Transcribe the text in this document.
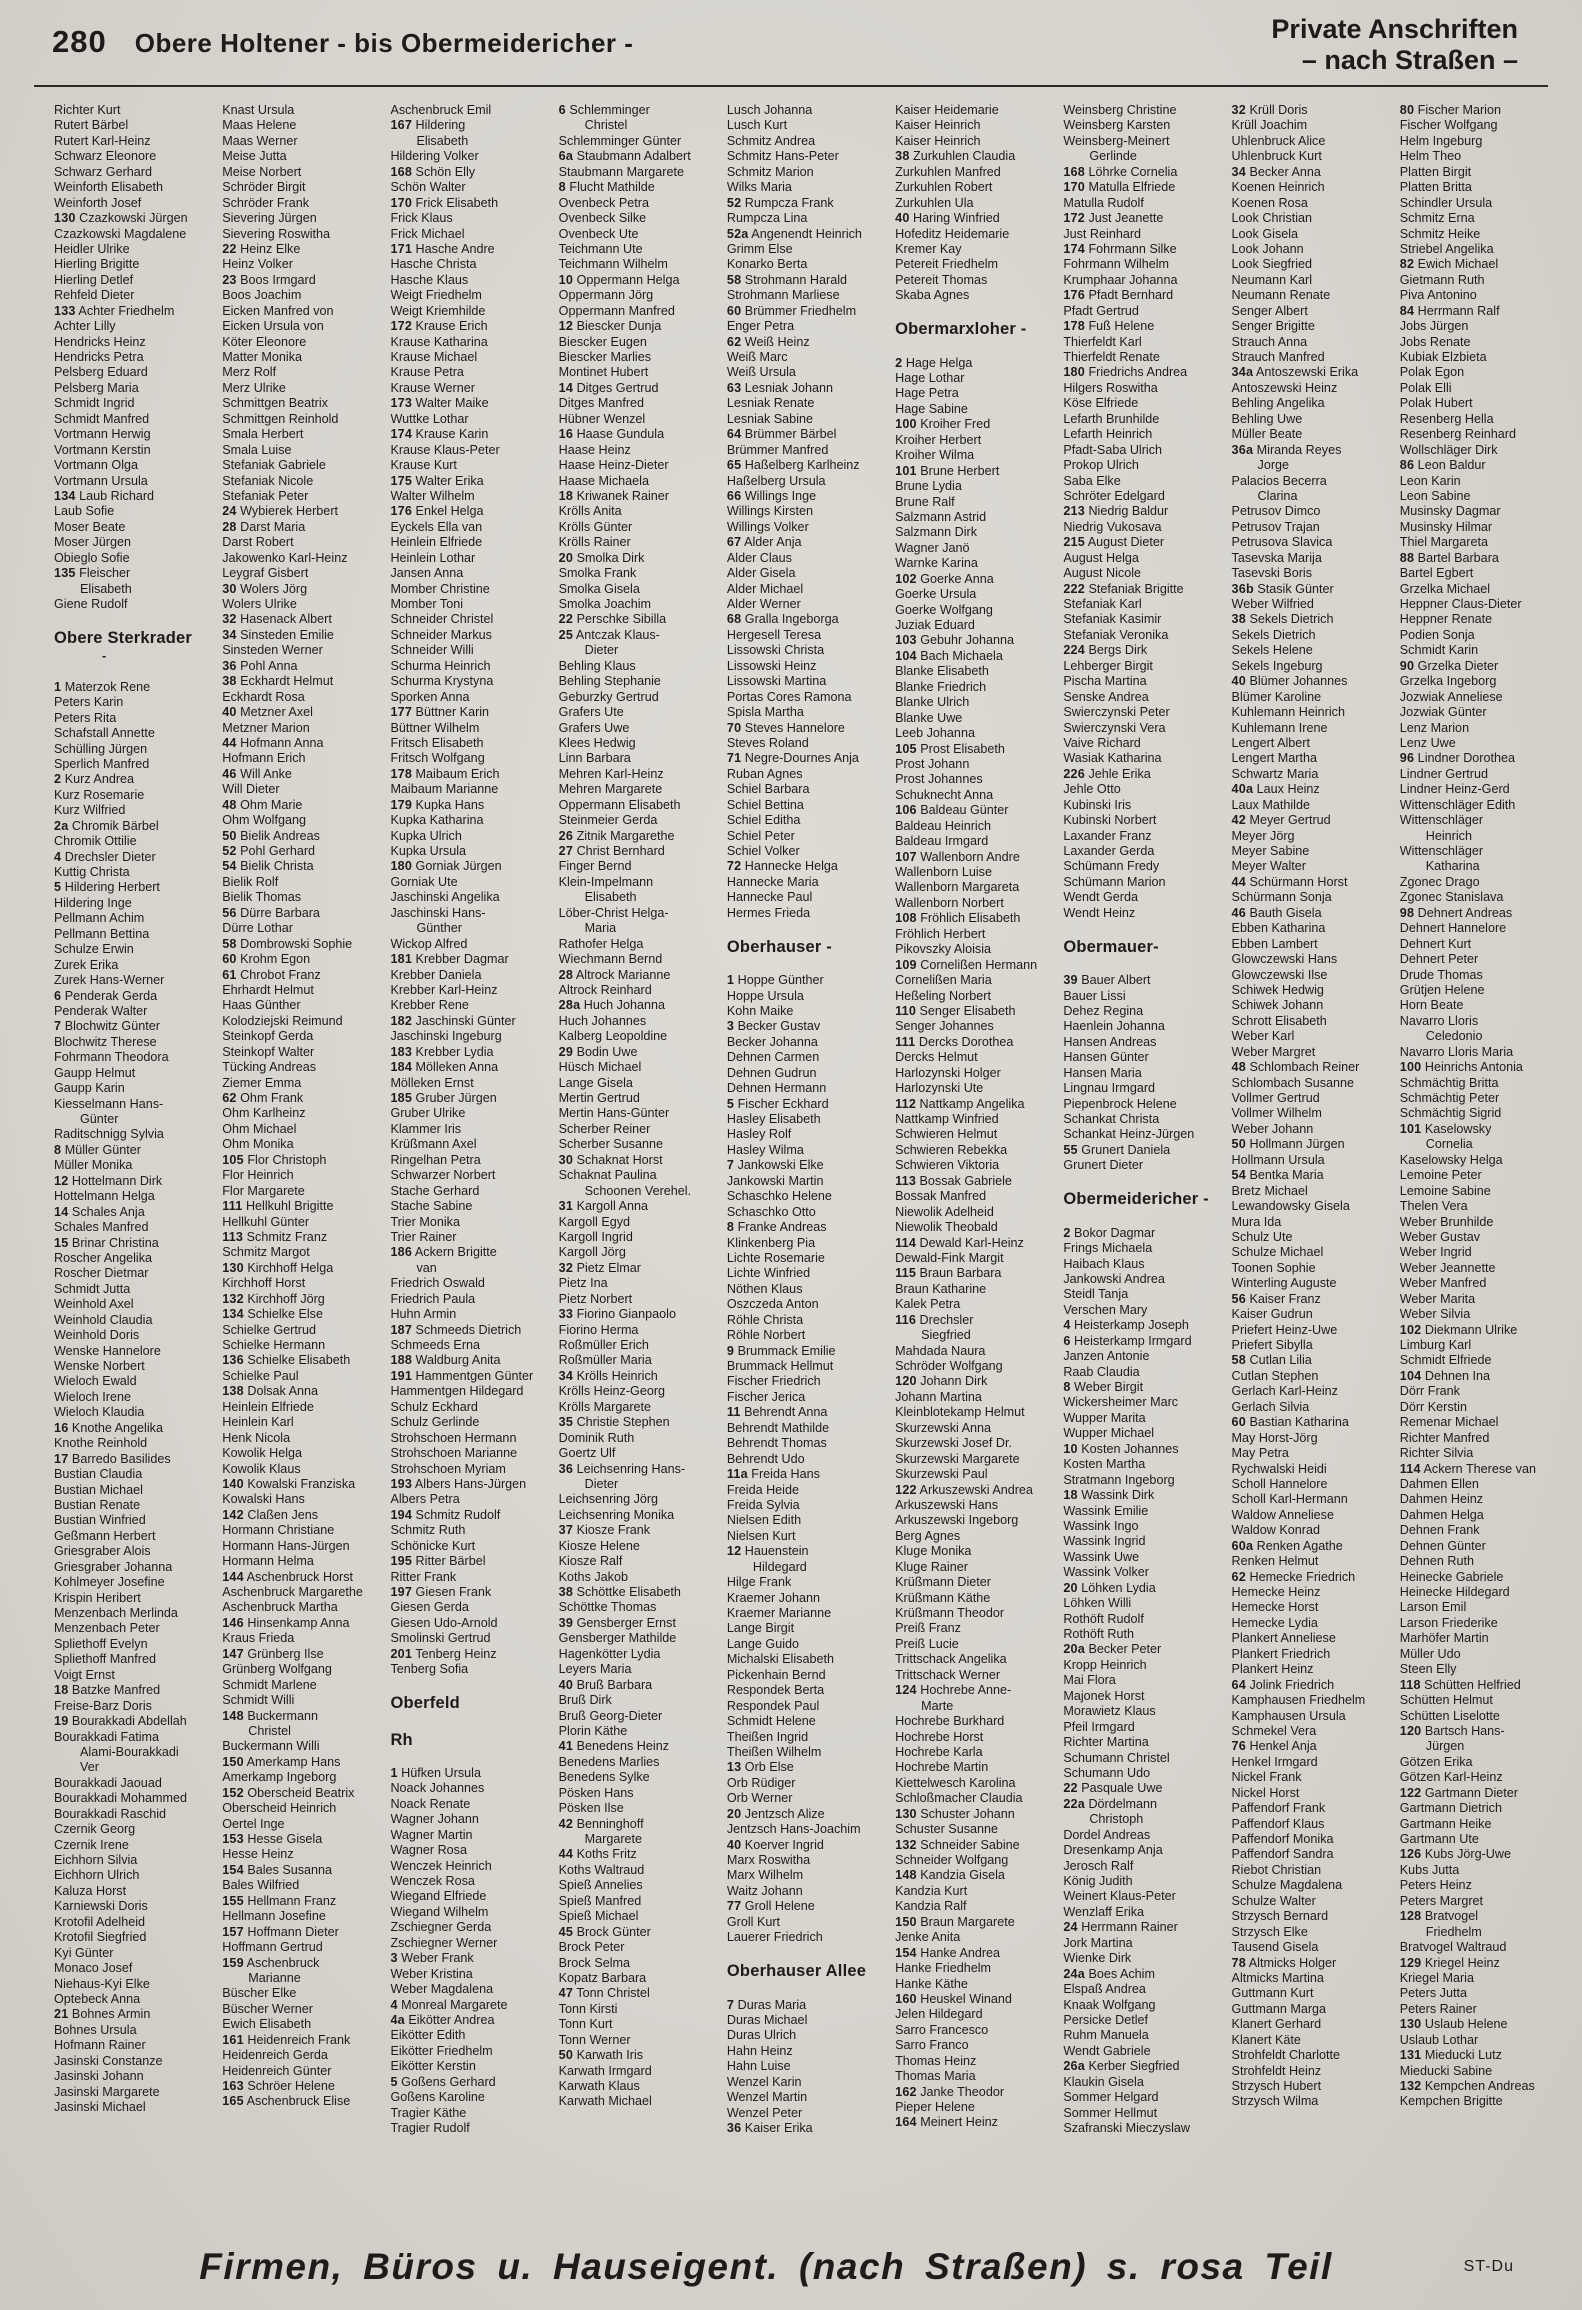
280 Obere Holtener - bis Obermeidericher -	Private Anschriften
– nach Straßen –
Richter Kurt
Rutert Bärbel
Rutert Karl-Heinz
Schwarz Eleonore
Schwarz Gerhard
Weinforth Elisabeth
Weinforth Josef
130 Czazkowski Jürgen
Czazkowski Magdalene
Heidler Ulrike
Hierling Brigitte
Hierling Detlef
Rehfeld Dieter
133 Achter Friedhelm
Achter Lilly
Hendricks Heinz
Hendricks Petra
Pelsberg Eduard
Pelsberg Maria
Schmidt Ingrid
Schmidt Manfred
Vortmann Herwig
Vortmann Kerstin
Vortmann Olga
Vortmann Ursula
134 Laub Richard
Laub Sofie
Moser Beate
Moser Jürgen
Obieglo Sofie
135 Fleischer
Elisabeth
Giene Rudolf
Obere Sterkrader
-
1 Materzok Rene
Peters Karin
Peters Rita
Schafstall Annette
Schülling Jürgen
Sperlich Manfred
2 Kurz Andrea
Kurz Rosemarie
Kurz Wilfried
2a Chromik Bärbel
Chromik Ottilie
4 Drechsler Dieter
Kuttig Christa
5 Hildering Herbert
Hildering Inge
Pellmann Achim
Pellmann Bettina
Schulze Erwin
Zurek Erika
Zurek Hans-Werner
6 Penderak Gerda
Penderak Walter
7 Blochwitz Günter
Blochwitz Therese
Fohrmann Theodora
Gaupp Helmut
Gaupp Karin
Kiesselmann Hans-
Günter
Raditschnigg Sylvia
8 Müller Günter
Müller Monika
12 Hottelmann Dirk
Hottelmann Helga
14 Schales Anja
Schales Manfred
15 Brinar Christina
Roscher Angelika
Roscher Dietmar
Schmidt Jutta
Weinhold Axel
Weinhold Claudia
Weinhold Doris
Wenske Hannelore
Wenske Norbert
Wieloch Ewald
Wieloch Irene
Wieloch Klaudia
16 Knothe Angelika
Knothe Reinhold
17 Barredo Basilides
Bustian Claudia
Bustian Michael
Bustian Renate
Bustian Winfried
Geßmann Herbert
Griesgraber Alois
Griesgraber Johanna
Kohlmeyer Josefine
Krispin Heribert
Menzenbach Merlinda
Menzenbach Peter
Spliethoff Evelyn
Spliethoff Manfred
Voigt Ernst
18 Batzke Manfred
Freise-Barz Doris
19 Bourakkadi Abdellah
Bourakkadi Fatima
Alami-Bourakkadi
Ver
Bourakkadi Jaouad
Bourakkadi Mohammed
Bourakkadi Raschid
Czernik Georg
Czernik Irene
Eichhorn Silvia
Eichhorn Ulrich
Kaluza Horst
Karniewski Doris
Krotofil Adelheid
Krotofil Siegfried
Kyi Günter
Monaco Josef
Niehaus-Kyi Elke
Optebeck Anna
21 Bohnes Armin
Bohnes Ursula
Hofmann Rainer
Jasinski Constanze
Jasinski Johann
Jasinski Margarete
Jasinski Michael
Knast Ursula
Maas Helene
Maas Werner
Meise Jutta
Meise Norbert
Schröder Birgit
Schröder Frank
Sievering Jürgen
Sievering Roswitha
22 Heinz Elke
Heinz Volker
23 Boos Irmgard
Boos Joachim
Eicken Manfred von
Eicken Ursula von
Köter Eleonore
Matter Monika
Merz Rolf
Merz Ulrike
Schmittgen Beatrix
Schmittgen Reinhold
Smala Herbert
Smala Luise
Stefaniak Gabriele
Stefaniak Nicole
Stefaniak Peter
24 Wybierek Herbert
28 Darst Maria
Darst Robert
Jakowenko Karl-Heinz
Leygraf Gisbert
30 Wolers Jörg
Wolers Ulrike
32 Hasenack Albert
34 Sinsteden Emilie
Sinsteden Werner
36 Pohl Anna
38 Eckhardt Helmut
Eckhardt Rosa
40 Metzner Axel
Metzner Marion
44 Hofmann Anna
Hofmann Erich
46 Will Anke
Will Dieter
48 Ohm Marie
Ohm Wolfgang
50 Bielik Andreas
52 Pohl Gerhard
54 Bielik Christa
Bielik Rolf
Bielik Thomas
56 Dürre Barbara
Dürre Lothar
58 Dombrowski Sophie
60 Krohm Egon
61 Chrobot Franz
Ehrhardt Helmut
Haas Günther
Kolodziejski Reimund
Steinkopf Gerda
Steinkopf Walter
Tücking Andreas
Ziemer Emma
62 Ohm Frank
Ohm Karlheinz
Ohm Michael
Ohm Monika
105 Flor Christoph
Flor Heinrich
Flor Margarete
111 Hellkuhl Brigitte
Hellkuhl Günter
113 Schmitz Franz
Schmitz Margot
130 Kirchhoff Helga
Kirchhoff Horst
132 Kirchhoff Jörg
134 Schielke Else
Schielke Gertrud
Schielke Hermann
136 Schielke Elisabeth
Schielke Paul
138 Dolsak Anna
Heinlein Elfriede
Heinlein Karl
Henk Nicola
Kowolik Helga
Kowolik Klaus
140 Kowalski Franziska
Kowalski Hans
142 Claßen Jens
Hormann Christiane
Hormann Hans-Jürgen
Hormann Helma
144 Aschenbruck Horst
Aschenbruck Margarethe
Aschenbruck Martha
146 Hinsenkamp Anna
Kraus Frieda
147 Grünberg Ilse
Grünberg Wolfgang
Schmidt Marlene
Schmidt Willi
148 Buckermann
Christel
Buckermann Willi
150 Amerkamp Hans
Amerkamp Ingeborg
152 Oberscheid Beatrix
Oberscheid Heinrich
Oertel Inge
153 Hesse Gisela
Hesse Heinz
154 Bales Susanna
Bales Wilfried
155 Hellmann Franz
Hellmann Josefine
157 Hoffmann Dieter
Hoffmann Gertrud
159 Aschenbruck
Marianne
Büscher Elke
Büscher Werner
Ewich Elisabeth
161 Heidenreich Frank
Heidenreich Gerda
Heidenreich Günter
163 Schröer Helene
165 Aschenbruck Elise
Aschenbruck Emil
167 Hildering
Elisabeth
Hildering Volker
168 Schön Elly
Schön Walter
170 Frick Elisabeth
Frick Klaus
Frick Michael
171 Hasche Andre
Hasche Christa
Hasche Klaus
Weigt Friedhelm
Weigt Kriemhilde
172 Krause Erich
Krause Katharina
Krause Michael
Krause Petra
Krause Werner
173 Walter Maike
Wuttke Lothar
174 Krause Karin
Krause Klaus-Peter
Krause Kurt
175 Walter Erika
Walter Wilhelm
176 Enkel Helga
Eyckels Ella van
Heinlein Elfriede
Heinlein Lothar
Jansen Anna
Momber Christine
Momber Toni
Schneider Christel
Schneider Markus
Schneider Willi
Schurma Heinrich
Schurma Krystyna
Sporken Anna
177 Büttner Karin
Büttner Wilhelm
Fritsch Elisabeth
Fritsch Wolfgang
178 Maibaum Erich
Maibaum Marianne
179 Kupka Hans
Kupka Katharina
Kupka Ulrich
Kupka Ursula
180 Gorniak Jürgen
Gorniak Ute
Jaschinski Angelika
Jaschinski Hans-
Günther
Wickop Alfred
181 Krebber Dagmar
Krebber Daniela
Krebber Karl-Heinz
Krebber Rene
182 Jaschinski Günter
Jaschinski Ingeburg
183 Krebber Lydia
184 Mölleken Anna
Mölleken Ernst
185 Gruber Jürgen
Gruber Ulrike
Klammer Iris
Krüßmann Axel
Ringelhan Petra
Schwarzer Norbert
Stache Gerhard
Stache Sabine
Trier Monika
Trier Rainer
186 Ackern Brigitte
van
Friedrich Oswald
Friedrich Paula
Huhn Armin
187 Schmeeds Dietrich
Schmeeds Erna
188 Waldburg Anita
191 Hammentgen Günter
Hammentgen Hildegard
Schulz Eckhard
Schulz Gerlinde
Strohschoen Hermann
Strohschoen Marianne
Strohschoen Myriam
193 Albers Hans-Jürgen
Albers Petra
194 Schmitz Rudolf
Schmitz Ruth
Schönicke Kurt
195 Ritter Bärbel
Ritter Frank
197 Giesen Frank
Giesen Gerda
Giesen Udo-Arnold
Smolinski Gertrud
201 Tenberg Heinz
Tenberg Sofia
Oberfeld
Rh
1 Hüfken Ursula
Noack Johannes
Noack Renate
Wagner Johann
Wagner Martin
Wagner Rosa
Wenczek Heinrich
Wenczek Rosa
Wiegand Elfriede
Wiegand Wilhelm
Zschiegner Gerda
Zschiegner Werner
3 Weber Frank
Weber Kristina
Weber Magdalena
4 Monreal Margarete
4a Eikötter Andrea
Eikötter Edith
Eikötter Friedhelm
Eikötter Kerstin
5 Goßens Gerhard
Goßens Karoline
Tragier Käthe
Tragier Rudolf
6 Schlemminger
Christel
Schlemminger Günter
6a Staubmann Adalbert
Staubmann Margarete
8 Flucht Mathilde
Ovenbeck Petra
Ovenbeck Silke
Ovenbeck Ute
Teichmann Ute
Teichmann Wilhelm
10 Oppermann Helga
Oppermann Jörg
Oppermann Manfred
12 Biescker Dunja
Biescker Eugen
Biescker Marlies
Montinet Hubert
14 Ditges Gertrud
Ditges Manfred
Hübner Wenzel
16 Haase Gundula
Haase Heinz
Haase Heinz-Dieter
Haase Michaela
18 Kriwanek Rainer
Krölls Anita
Krölls Günter
Krölls Rainer
20 Smolka Dirk
Smolka Frank
Smolka Gisela
Smolka Joachim
22 Perschke Sibilla
25 Antczak Klaus-
Dieter
Behling Klaus
Behling Stephanie
Geburzky Gertrud
Grafers Ute
Grafers Uwe
Klees Hedwig
Linn Barbara
Mehren Karl-Heinz
Mehren Margarete
Oppermann Elisabeth
Steinmeier Gerda
26 Zitnik Margarethe
27 Christ Bernhard
Finger Bernd
Klein-Impelmann
Elisabeth
Löber-Christ Helga-
Maria
Rathofer Helga
Wiechmann Bernd
28 Altrock Marianne
Altrock Reinhard
28a Huch Johanna
Huch Johannes
Kalberg Leopoldine
29 Bodin Uwe
Hüsch Michael
Lange Gisela
Mertin Gertrud
Mertin Hans-Günter
Scherber Reiner
Scherber Susanne
30 Schaknat Horst
Schaknat Paulina
Schoonen Verehel.
31 Kargoll Anna
Kargoll Egyd
Kargoll Ingrid
Kargoll Jörg
32 Pietz Elmar
Pietz Ina
Pietz Norbert
33 Fiorino Gianpaolo
Fiorino Herma
Roßmüller Erich
Roßmüller Maria
34 Krölls Heinrich
Krölls Heinz-Georg
Krölls Margarete
35 Christie Stephen
Dominik Ruth
Goertz Ulf
36 Leichsenring Hans-
Dieter
Leichsenring Jörg
Leichsenring Monika
37 Kiosze Frank
Kiosze Helene
Kiosze Ralf
Koths Jakob
38 Schöttke Elisabeth
Schöttke Thomas
39 Gensberger Ernst
Gensberger Mathilde
Hagenkötter Lydia
Leyers Maria
40 Bruß Barbara
Bruß Dirk
Bruß Georg-Dieter
Plorin Käthe
41 Benedens Heinz
Benedens Marlies
Benedens Sylke
Pösken Hans
Pösken Ilse
42 Benninghoff
Margarete
44 Koths Fritz
Koths Waltraud
Spieß Annelies
Spieß Manfred
Spieß Michael
45 Brock Günter
Brock Peter
Brock Selma
Kopatz Barbara
47 Tonn Christel
Tonn Kirsti
Tonn Kurt
Tonn Werner
50 Karwath Iris
Karwath Irmgard
Karwath Klaus
Karwath Michael
Lusch Johanna
Lusch Kurt
Schmitz Andrea
Schmitz Hans-Peter
Schmitz Marion
Wilks Maria
52 Rumpcza Frank
Rumpcza Lina
52a Angenendt Heinrich
Grimm Else
Konarko Berta
58 Strohmann Harald
Strohmann Marliese
60 Brümmer Friedhelm
Enger Petra
62 Weiß Heinz
Weiß Marc
Weiß Ursula
63 Lesniak Johann
Lesniak Renate
Lesniak Sabine
64 Brümmer Bärbel
Brümmer Manfred
65 Haßelberg Karlheinz
Haßelberg Ursula
66 Willings Inge
Willings Kirsten
Willings Volker
67 Alder Anja
Alder Claus
Alder Gisela
Alder Michael
Alder Werner
68 Gralla Ingeborga
Hergesell Teresa
Lissowski Christa
Lissowski Heinz
Lissowski Martina
Portas Cores Ramona
Spisla Martha
70 Steves Hannelore
Steves Roland
71 Negre-Dournes Anja
Ruban Agnes
Schiel Barbara
Schiel Bettina
Schiel Editha
Schiel Peter
Schiel Volker
72 Hannecke Helga
Hannecke Maria
Hannecke Paul
Hermes Frieda
Oberhauser -
1 Hoppe Günther
Hoppe Ursula
Kohn Maike
3 Becker Gustav
Becker Johanna
Dehnen Carmen
Dehnen Gudrun
Dehnen Hermann
5 Fischer Eckhard
Hasley Elisabeth
Hasley Rolf
Hasley Wilma
7 Jankowski Elke
Jankowski Martin
Schaschko Helene
Schaschko Otto
8 Franke Andreas
Klinkenberg Pia
Lichte Rosemarie
Lichte Winfried
Nöthen Klaus
Oszczeda Anton
Röhle Christa
Röhle Norbert
9 Brummack Emilie
Brummack Hellmut
Fischer Friedrich
Fischer Jerica
11 Behrendt Anna
Behrendt Mathilde
Behrendt Thomas
Behrendt Udo
11a Freida Hans
Freida Heide
Freida Sylvia
Nielsen Edith
Nielsen Kurt
12 Hauenstein
Hildegard
Hilge Frank
Kraemer Johann
Kraemer Marianne
Lange Birgit
Lange Guido
Michalski Elisabeth
Pickenhain Bernd
Respondek Berta
Respondek Paul
Schmidt Helene
Theißen Ingrid
Theißen Wilhelm
13 Orb Else
Orb Rüdiger
Orb Werner
20 Jentzsch Alize
Jentzsch Hans-Joachim
40 Koerver Ingrid
Marx Roswitha
Marx Wilhelm
Waitz Johann
77 Groll Helene
Groll Kurt
Lauerer Friedrich
Oberhauser Allee
7 Duras Maria
Duras Michael
Duras Ulrich
Hahn Heinz
Hahn Luise
Wenzel Karin
Wenzel Martin
Wenzel Peter
36 Kaiser Erika
Kaiser Heidemarie
Kaiser Heinrich
Kaiser Heinrich
38 Zurkuhlen Claudia
Zurkuhlen Manfred
Zurkuhlen Robert
Zurkuhlen Ula
40 Haring Winfried
Hofeditz Heidemarie
Kremer Kay
Petereit Friedhelm
Petereit Thomas
Skaba Agnes
Obermarxloher -
2 Hage Helga
Hage Lothar
Hage Petra
Hage Sabine
100 Kroiher Fred
Kroiher Herbert
Kroiher Wilma
101 Brune Herbert
Brune Lydia
Brune Ralf
Salzmann Astrid
Salzmann Dirk
Wagner Janö
Warnke Karina
102 Goerke Anna
Goerke Ursula
Goerke Wolfgang
Juziak Eduard
103 Gebuhr Johanna
104 Bach Michaela
Blanke Elisabeth
Blanke Friedrich
Blanke Ulrich
Blanke Uwe
Leeb Johanna
105 Prost Elisabeth
Prost Johann
Prost Johannes
Schuknecht Anna
106 Baldeau Günter
Baldeau Heinrich
Baldeau Irmgard
107 Wallenborn Andre
Wallenborn Luise
Wallenborn Margareta
Wallenborn Norbert
108 Fröhlich Elisabeth
Fröhlich Herbert
Pikovszky Aloisia
109 Cornelißen Hermann
Cornelißen Maria
Heßeling Norbert
110 Senger Elisabeth
Senger Johannes
111 Dercks Dorothea
Dercks Helmut
Harlozynski Holger
Harlozynski Ute
112 Nattkamp Angelika
Nattkamp Winfried
Schwieren Helmut
Schwieren Rebekka
Schwieren Viktoria
113 Bossak Gabriele
Bossak Manfred
Niewolik Adelheid
Niewolik Theobald
114 Dewald Karl-Heinz
Dewald-Fink Margit
115 Braun Barbara
Braun Katharine
Kalek Petra
116 Drechsler
Siegfried
Mahdada Naura
Schröder Wolfgang
120 Johann Dirk
Johann Martina
Kleinblotekamp Helmut
Skurzewski Anna
Skurzewski Josef Dr.
Skurzewski Margarete
Skurzewski Paul
122 Arkuszewski Andrea
Arkuszewski Hans
Arkuszewski Ingeborg
Berg Agnes
Kluge Monika
Kluge Rainer
Krüßmann Dieter
Krüßmann Käthe
Krüßmann Theodor
Preiß Franz
Preiß Lucie
Trittschack Angelika
Trittschack Werner
124 Hochrebe Anne-
Marte
Hochrebe Burkhard
Hochrebe Horst
Hochrebe Karla
Hochrebe Martin
Kiettelwesch Karolina
Schloßmacher Claudia
130 Schuster Johann
Schuster Susanne
132 Schneider Sabine
Schneider Wolfgang
148 Kandzia Gisela
Kandzia Kurt
Kandzia Ralf
150 Braun Margarete
Jenke Anita
154 Hanke Andrea
Hanke Friedhelm
Hanke Käthe
160 Heuskel Winand
Jelen Hildegard
Sarro Francesco
Sarro Franco
Thomas Heinz
Thomas Maria
162 Janke Theodor
Pieper Helene
164 Meinert Heinz
Weinsberg Christine
Weinsberg Karsten
Weinsberg-Meinert
Gerlinde
168 Löhrke Cornelia
170 Matulla Elfriede
Matulla Rudolf
172 Just Jeanette
Just Reinhard
174 Fohrmann Silke
Fohrmann Wilhelm
Krumphaar Johanna
176 Pfadt Bernhard
Pfadt Gertrud
178 Fuß Helene
Thierfeldt Karl
Thierfeldt Renate
180 Friedrichs Andrea
Hilgers Roswitha
Köse Elfriede
Lefarth Brunhilde
Lefarth Heinrich
Pfadt-Saba Ulrich
Prokop Ulrich
Saba Elke
Schröter Edelgard
213 Niedrig Baldur
Niedrig Vukosava
215 August Dieter
August Helga
August Nicole
222 Stefaniak Brigitte
Stefaniak Karl
Stefaniak Kasimir
Stefaniak Veronika
224 Bergs Dirk
Lehberger Birgit
Pischa Martina
Senske Andrea
Swierczynski Peter
Swierczynski Vera
Vaive Richard
Wasiak Katharina
226 Jehle Erika
Jehle Otto
Kubinski Iris
Kubinski Norbert
Laxander Franz
Laxander Gerda
Schümann Fredy
Schümann Marion
Wendt Gerda
Wendt Heinz
Obermauer-
39 Bauer Albert
Bauer Lissi
Dehez Regina
Haenlein Johanna
Hansen Andreas
Hansen Günter
Hansen Maria
Lingnau Irmgard
Piepenbrock Helene
Schankat Christa
Schankat Heinz-Jürgen
55 Grunert Daniela
Grunert Dieter
Obermeidericher -
2 Bokor Dagmar
Frings Michaela
Haibach Klaus
Jankowski Andrea
Steidl Tanja
Verschen Mary
4 Heisterkamp Joseph
6 Heisterkamp Irmgard
Janzen Antonie
Raab Claudia
8 Weber Birgit
Wickersheimer Marc
Wupper Marita
Wupper Michael
10 Kosten Johannes
Kosten Martha
Stratmann Ingeborg
18 Wassink Dirk
Wassink Emilie
Wassink Ingo
Wassink Ingrid
Wassink Uwe
Wassink Volker
20 Löhken Lydia
Löhken Willi
Rothöft Rudolf
Rothöft Ruth
20a Becker Peter
Kropp Heinrich
Mai Flora
Majonek Horst
Morawietz Klaus
Pfeil Irmgard
Richter Martina
Schumann Christel
Schumann Udo
22 Pasquale Uwe
22a Dördelmann
Christoph
Dordel Andreas
Dresenkamp Anja
Jerosch Ralf
König Judith
Weinert Klaus-Peter
Wenzlaff Erika
24 Herrmann Rainer
Jork Martina
Wienke Dirk
24a Boes Achim
Elspaß Andrea
Knaak Wolfgang
Persicke Detlef
Ruhm Manuela
Wendt Gabriele
26a Kerber Siegfried
Klaukin Gisela
Sommer Helgard
Sommer Hellmut
Szafranski Mieczyslaw
32 Krüll Doris
Krüll Joachim
Uhlenbruck Alice
Uhlenbruck Kurt
34 Becker Anna
Koenen Heinrich
Koenen Rosa
Look Christian
Look Gisela
Look Johann
Look Siegfried
Neumann Karl
Neumann Renate
Senger Albert
Senger Brigitte
Strauch Anna
Strauch Manfred
34a Antoszewski Erika
Antoszewski Heinz
Behling Angelika
Behling Uwe
Müller Beate
36a Miranda Reyes
Jorge
Palacios Becerra
Clarina
Petrusov Dimco
Petrusov Trajan
Petrusova Slavica
Tasevska Marija
Tasevski Boris
36b Stasik Günter
Weber Wilfried
38 Sekels Dietrich
Sekels Dietrich
Sekels Helene
Sekels Ingeburg
40 Blümer Johannes
Blümer Karoline
Kuhlemann Heinrich
Kuhlemann Irene
Lengert Albert
Lengert Martha
Schwartz Maria
40a Laux Heinz
Laux Mathilde
42 Meyer Gertrud
Meyer Jörg
Meyer Sabine
Meyer Walter
44 Schürmann Horst
Schürmann Sonja
46 Bauth Gisela
Ebben Katharina
Ebben Lambert
Glowczewski Hans
Glowczewski Ilse
Schiwek Hedwig
Schiwek Johann
Schrott Elisabeth
Weber Karl
Weber Margret
48 Schlombach Reiner
Schlombach Susanne
Vollmer Gertrud
Vollmer Wilhelm
Weber Johann
50 Hollmann Jürgen
Hollmann Ursula
54 Bentka Maria
Bretz Michael
Lewandowsky Gisela
Mura Ida
Schulz Ute
Schulze Michael
Toonen Sophie
Winterling Auguste
56 Kaiser Franz
Kaiser Gudrun
Priefert Heinz-Uwe
Priefert Sibylla
58 Cutlan Lilia
Cutlan Stephen
Gerlach Karl-Heinz
Gerlach Silvia
60 Bastian Katharina
May Horst-Jörg
May Petra
Rychwalski Heidi
Scholl Hannelore
Scholl Karl-Hermann
Waldow Anneliese
Waldow Konrad
60a Renken Agathe
Renken Helmut
62 Hemecke Friedrich
Hemecke Heinz
Hemecke Horst
Hemecke Lydia
Plankert Anneliese
Plankert Friedrich
Plankert Heinz
64 Jolink Friedrich
Kamphausen Friedhelm
Kamphausen Ursula
Schmekel Vera
76 Henkel Anja
Henkel Irmgard
Nickel Frank
Nickel Horst
Paffendorf Frank
Paffendorf Klaus
Paffendorf Monika
Paffendorf Sandra
Riebot Christian
Schulze Magdalena
Schulze Walter
Strzysch Bernard
Strzysch Elke
Tausend Gisela
78 Altmicks Holger
Altmicks Martina
Guttmann Kurt
Guttmann Marga
Klanert Gerhard
Klanert Käte
Strohfeldt Charlotte
Strohfeldt Heinz
Strzysch Hubert
Strzysch Wilma
80 Fischer Marion
Fischer Wolfgang
Helm Ingeburg
Helm Theo
Platten Birgit
Platten Britta
Schindler Ursula
Schmitz Erna
Schmitz Heike
Striebel Angelika
82 Ewich Michael
Gietmann Ruth
Piva Antonino
84 Herrmann Ralf
Jobs Jürgen
Jobs Renate
Kubiak Elzbieta
Polak Egon
Polak Elli
Polak Hubert
Resenberg Hella
Resenberg Reinhard
Wollschläger Dirk
86 Leon Baldur
Leon Karin
Leon Sabine
Musinsky Dagmar
Musinsky Hilmar
Thiel Margareta
88 Bartel Barbara
Bartel Egbert
Grzelka Michael
Heppner Claus-Dieter
Heppner Renate
Podien Sonja
Schmidt Karin
90 Grzelka Dieter
Grzelka Ingeborg
Jozwiak Anneliese
Jozwiak Günter
Lenz Marion
Lenz Uwe
96 Lindner Dorothea
Lindner Gertrud
Lindner Heinz-Gerd
Wittenschläger Edith
Wittenschläger
Heinrich
Wittenschläger
Katharina
Zgonec Drago
Zgonec Stanislava
98 Dehnert Andreas
Dehnert Hannelore
Dehnert Kurt
Dehnert Peter
Drude Thomas
Grütjen Helene
Horn Beate
Navarro Lloris
Celedonio
Navarro Lloris Maria
100 Heinrichs Antonia
Schmächtig Britta
Schmächtig Peter
Schmächtig Sigrid
101 Kaselowsky
Cornelia
Kaselowsky Helga
Lemoine Peter
Lemoine Sabine
Thelen Vera
Weber Brunhilde
Weber Gustav
Weber Ingrid
Weber Jeannette
Weber Manfred
Weber Marita
Weber Silvia
102 Diekmann Ulrike
Limburg Karl
Schmidt Elfriede
104 Dehnen Ina
Dörr Frank
Dörr Kerstin
Remenar Michael
Richter Manfred
Richter Silvia
114 Ackern Therese van
Dahmen Ellen
Dahmen Heinz
Dahmen Helga
Dehnen Frank
Dehnen Günter
Dehnen Ruth
Heinecke Gabriele
Heinecke Hildegard
Larson Emil
Larson Friederike
Marhöfer Martin
Müller Udo
Steen Elly
118 Schütten Helfried
Schütten Helmut
Schütten Liselotte
120 Bartsch Hans-
Jürgen
Götzen Erika
Götzen Karl-Heinz
122 Gartmann Dieter
Gartmann Dietrich
Gartmann Heike
Gartmann Ute
126 Kubs Jörg-Uwe
Kubs Jutta
Peters Heinz
Peters Margret
128 Bratvogel
Friedhelm
Bratvogel Waltraud
129 Kriegel Heinz
Kriegel Maria
Peters Jutta
Peters Rainer
130 Uslaub Helene
Uslaub Lothar
131 Mieducki Lutz
Mieducki Sabine
132 Kempchen Andreas
Kempchen Brigitte
Firmen, Büros u. Hauseigent. (nach Straßen) s. rosa Teil	ST-Du
